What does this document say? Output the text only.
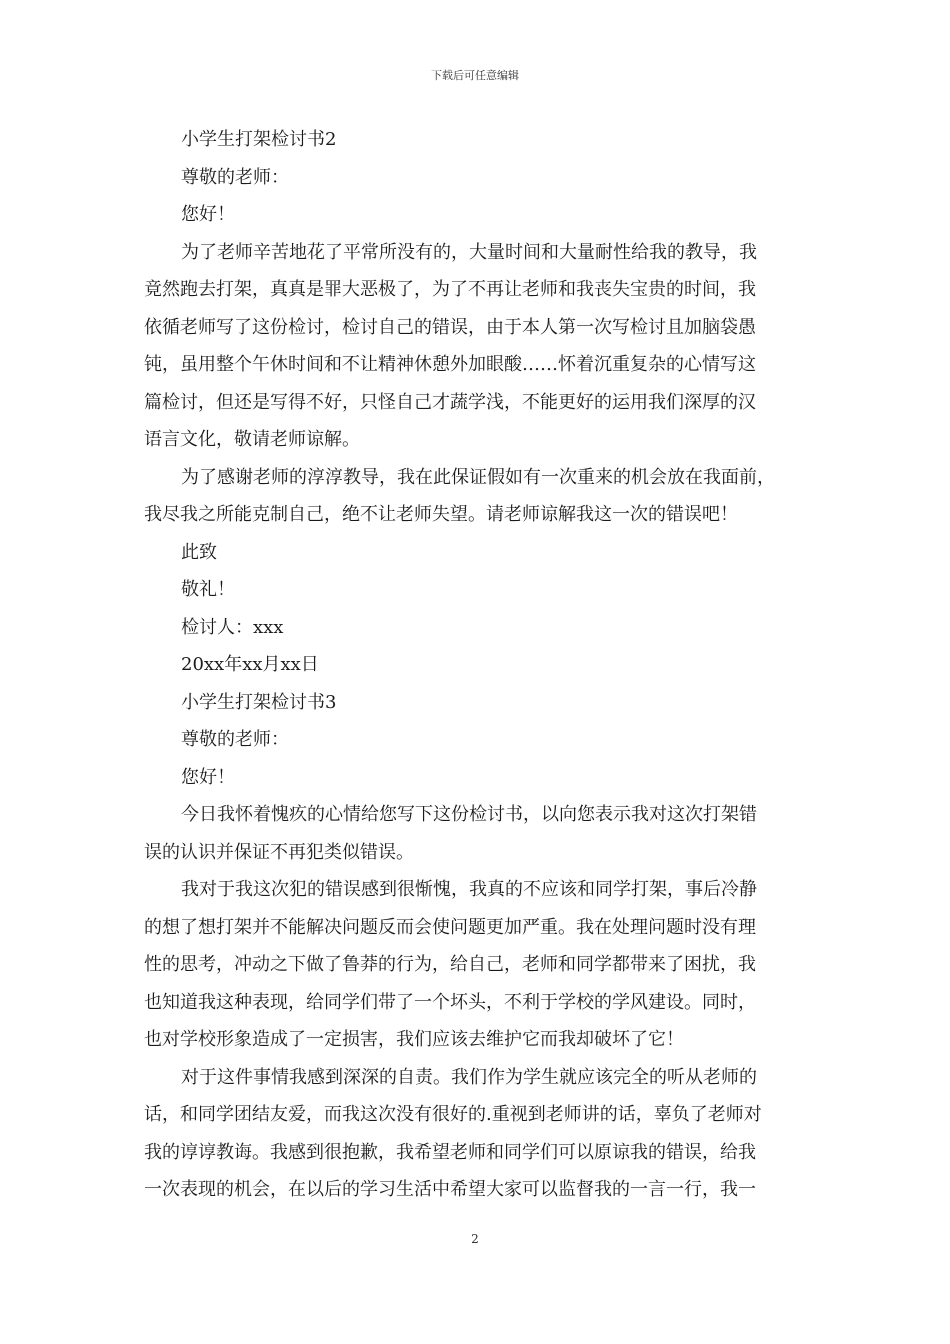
下载后可任意编辑
小学生打架检讨书2
尊敬的老师：
您好！
为了老师辛苦地花了平常所没有的，大量时间和大量耐性给我的教导，我
竟然跑去打架，真真是罪大恶极了，为了不再让老师和我丧失宝贵的时间，我
依循老师写了这份检讨，检讨自己的错误，由于本人第一次写检讨且加脑袋愚
钝，虽用整个午休时间和不让精神休憩外加眼酸……怀着沉重复杂的心情写这
篇检讨，但还是写得不好，只怪自己才蔬学浅，不能更好的运用我们深厚的汉
语言文化，敬请老师谅解。
为了感谢老师的淳淳教导，我在此保证假如有一次重来的机会放在我面前，
我尽我之所能克制自己，绝不让老师失望。请老师谅解我这一次的错误吧！
此致
敬礼！
检讨人：xxx
20xx年xx月xx日
小学生打架检讨书3
尊敬的老师：
您好！
今日我怀着愧疚的心情给您写下这份检讨书，以向您表示我对这次打架错
误的认识并保证不再犯类似错误。
我对于我这次犯的错误感到很惭愧，我真的不应该和同学打架，事后冷静
的想了想打架并不能解决问题反而会使问题更加严重。我在处理问题时没有理
性的思考，冲动之下做了鲁莽的行为，给自己，老师和同学都带来了困扰，我
也知道我这种表现，给同学们带了一个坏头，不利于学校的学风建设。同时，
也对学校形象造成了一定损害，我们应该去维护它而我却破坏了它！
对于这件事情我感到深深的自责。我们作为学生就应该完全的听从老师的
话，和同学团结友爱，而我这次没有很好的.重视到老师讲的话，辜负了老师对
我的谆谆教诲。我感到很抱歉，我希望老师和同学们可以原谅我的错误，给我
一次表现的机会，在以后的学习生活中希望大家可以监督我的一言一行，我一
2
